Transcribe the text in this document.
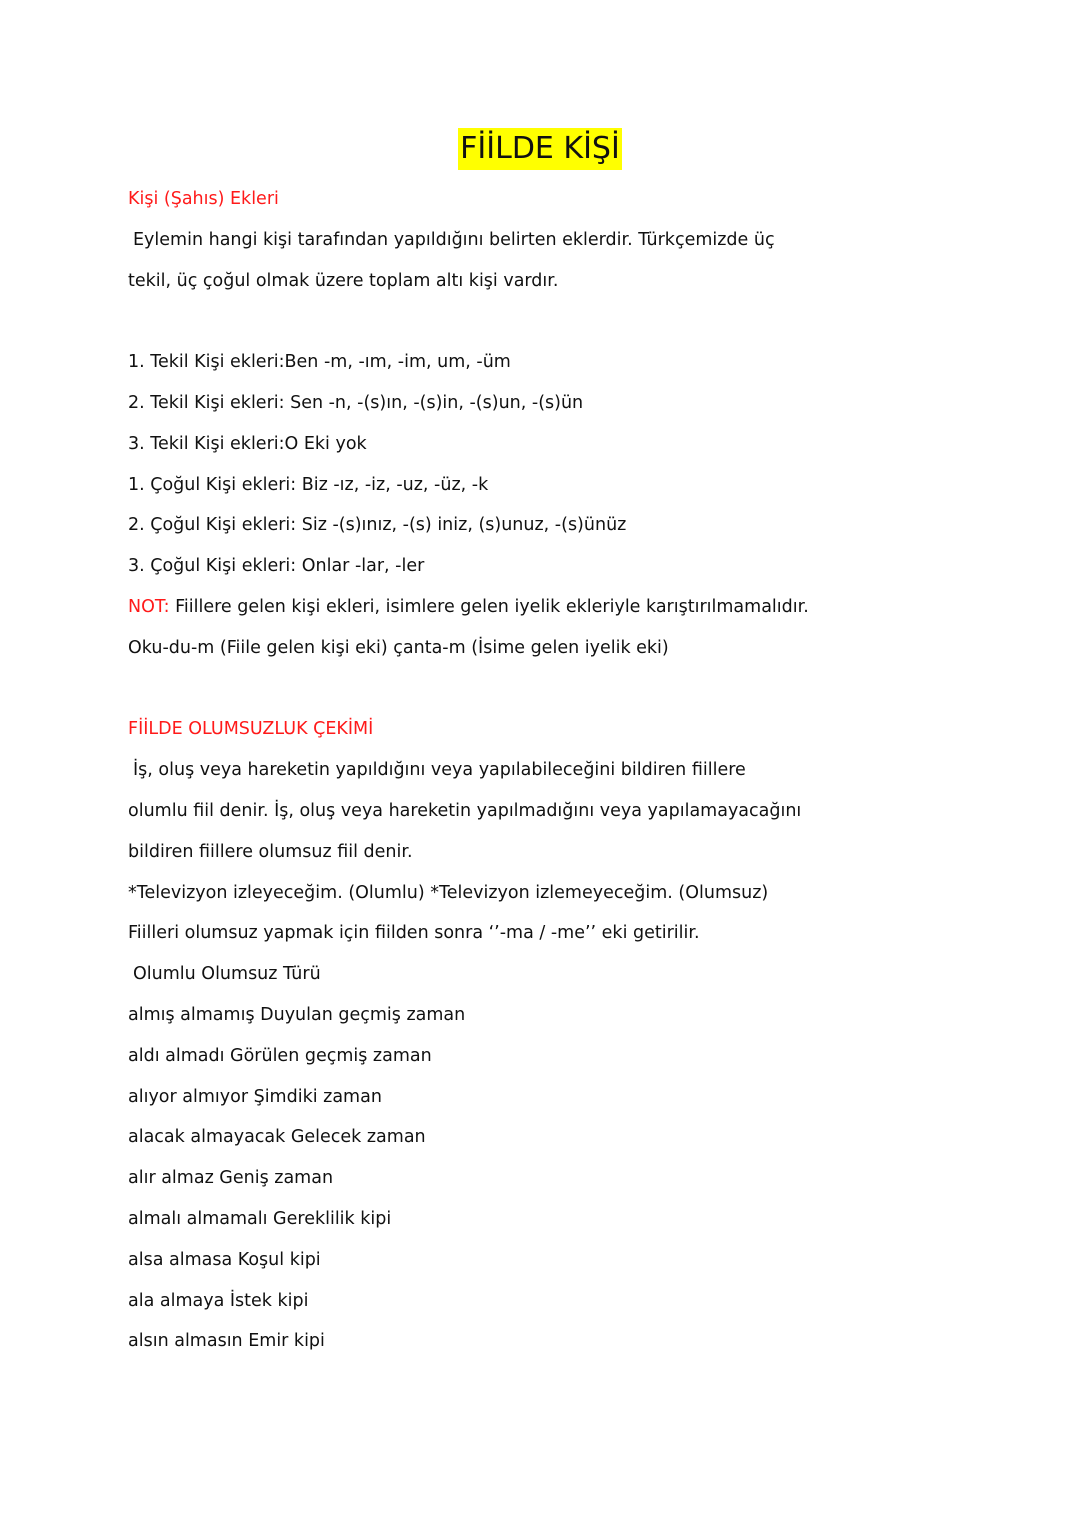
FİİLDE KİŞİ
Kişi (Şahıs) Ekleri
Eylemin hangi kişi tarafından yapıldığını belirten eklerdir. Türkçemizde üç
tekil, üç çoğul olmak üzere toplam altı kişi vardır.
1. Tekil Kişi ekleri:Ben -m, -ım, -im, um, -üm
2. Tekil Kişi ekleri: Sen -n, -(s)ın, -(s)in, -(s)un, -(s)ün
3. Tekil Kişi ekleri:O Eki yok
1. Çoğul Kişi ekleri: Biz -ız, -iz, -uz, -üz, -k
2. Çoğul Kişi ekleri: Siz -(s)ınız, -(s) iniz, (s)unuz, -(s)ünüz
3. Çoğul Kişi ekleri: Onlar -lar, -ler
NOT: Fiillere gelen kişi ekleri, isimlere gelen iyelik ekleriyle karıştırılmamalıdır.
Oku-du-m (Fiile gelen kişi eki) çanta-m (İsime gelen iyelik eki)
FİİLDE OLUMSUZLUK ÇEKİMİ
İş, oluş veya hareketin yapıldığını veya yapılabileceğini bildiren fiillere
olumlu fiil denir. İş, oluş veya hareketin yapılmadığını veya yapılamayacağını
bildiren fiillere olumsuz fiil denir.
*Televizyon izleyeceğim. (Olumlu) *Televizyon izlemeyeceğim. (Olumsuz)
Fiilleri olumsuz yapmak için fiilden sonra ‘’-ma / -me’’ eki getirilir.
Olumlu Olumsuz Türü
almış almamış Duyulan geçmiş zaman
aldı almadı Görülen geçmiş zaman
alıyor almıyor Şimdiki zaman
alacak almayacak Gelecek zaman
alır almaz Geniş zaman
almalı almamalı Gereklilik kipi
alsa almasa Koşul kipi
ala almaya İstek kipi
alsın almasın Emir kipi
